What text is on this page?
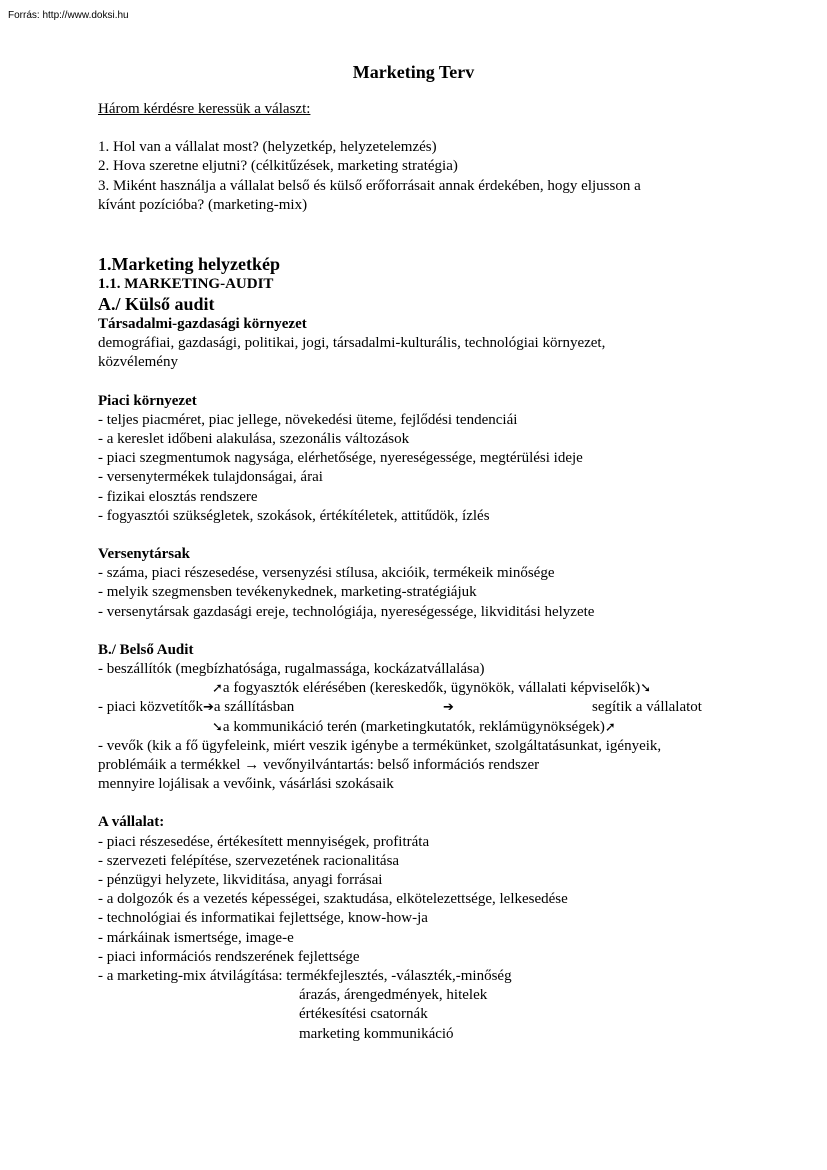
Forrás: http://www.doksi.hu
Marketing Terv

Három kérdésre keressük a választ:

1. Hol van a vállalat most? (helyzetkép, helyzetelemzés)

2. Hova szeretne eljutni? (célkitűzések, marketing stratégia)

3. Miként használja a vállalat belső és külső erőforrásait annak érdekében, hogy eljusson a

kívánt pozícióba? (marketing-mix)

1.Marketing helyzetkép
1.1. MARKETING-AUDIT
A./ Külső audit

Társadalmi-gazdasági környezet

demográfiai, gazdasági, politikai, jogi, társadalmi-kulturális, technológiai környezet,

közvélemény

Piaci környezet

- teljes piacméret, piac jellege, növekedési üteme, fejlődési tendenciái

- a kereslet időbeni alakulása, szezonális változások

- piaci szegmentumok nagysága, elérhetősége, nyereségessége, megtérülési ideje

- versenytermékek tulajdonságai, árai

- fizikai elosztás rendszere

- fogyasztói szükségletek, szokások, értékítéletek, attitűdök, ízlés

Versenytársak

- száma, piaci részesedése, versenyzési stílusa, akcióik, termékeik minősége

- melyik szegmensben tevékenykednek, marketing-stratégiájuk

- versenytársak gazdasági ereje, technológiája, nyereségessége, likviditási helyzete

B./ Belső Audit

- beszállítók (megbízhatósága, rugalmassága, kockázatvállalása)

➚a fogyasztók elérésében (kereskedők, ügynökök, vállalati képviselők)➘
- piaci közvetítők➔a szállításban	➔	segítik a vállalatot
➘a kommunikáció terén (marketingkutatók, reklámügynökségek)➚

- vevők (kik a fő ügyfeleink, miért veszik igénybe a termékünket, szolgáltatásunkat, igényeik,

problémáik a termékkel → vevőnyilvántartás: belső információs rendszer

mennyire lojálisak a vevőink, vásárlási szokásaik

A vállalat:

- piaci részesedése, értékesített mennyiségek, profitráta

- szervezeti felépítése, szervezetének racionalitása

- pénzügyi helyzete, likviditása, anyagi forrásai

- a dolgozók és a vezetés képességei, szaktudása, elkötelezettsége, lelkesedése

- technológiai és informatikai fejlettsége, know-how-ja

- márkáinak ismertsége, image-e

- piaci információs rendszerének fejlettsége

- a marketing-mix átvilágítása: termékfejlesztés, -választék,-minőség

árazás, árengedmények, hitelek

értékesítési csatornák

marketing kommunikáció
